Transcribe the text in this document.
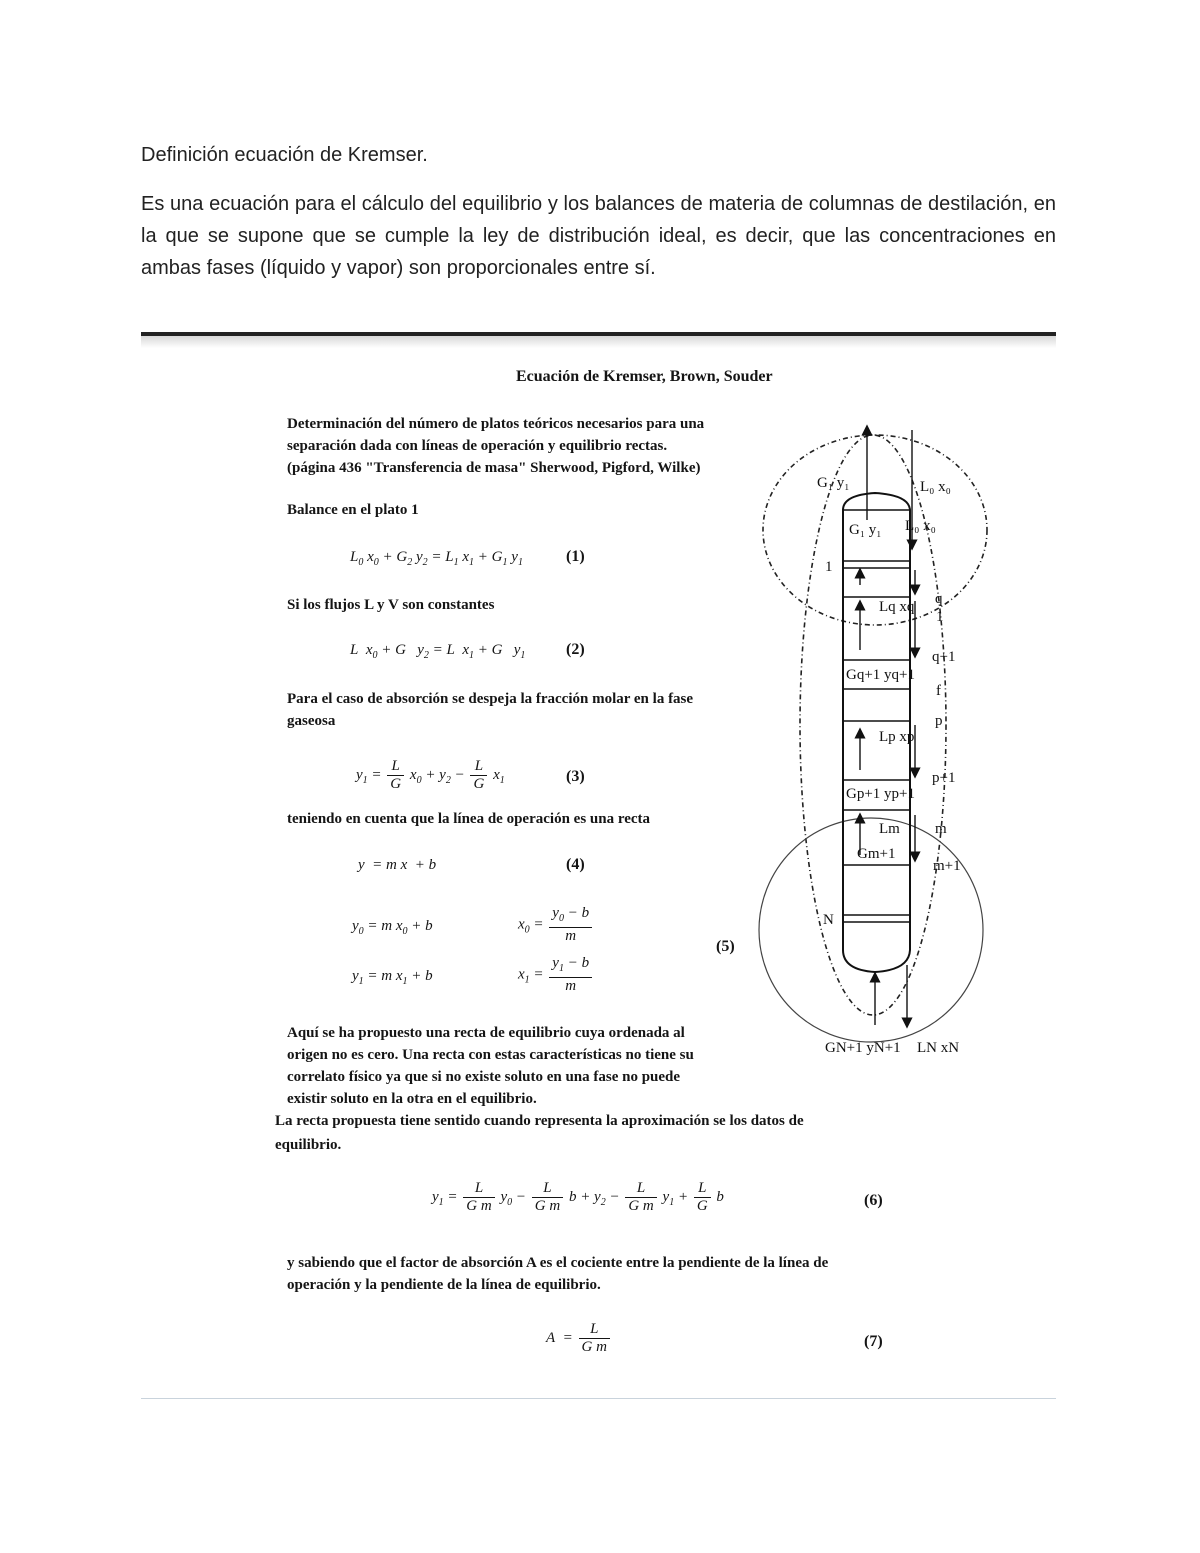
Definición ecuación de Kremser.

Es una ecuación para el cálculo del equilibrio y los balances de materia de columnas de destilación, en la que se supone que se cumple la ley de distribución ideal, es decir, que las concentraciones en ambas fases (líquido y vapor) son proporcionales entre sí.

Ecuación de Kremser, Brown, Souder
Determinación del número de platos teóricos necesarios para una
separación dada con líneas de operación y equilibrio rectas.
(página 436 "Transferencia de masa" Sherwood, Pigford, Wilke)
Balance en el plato 1
$L_0$ $x_0 + G_2$ $y_2 = L_1$ $x_1 + G_1$ $y_1$	(1)
Si los flujos L y V son constantes
L  $x_0 + G$   $y_2 = L$  $x_1 + G$   $y_1$	(2)
Para el caso de absorción se despeja la fracción molar en la fase
gaseosa
$y_1 = \frac{L}{G} x_0 + y_2 - \frac{L}{G} x_1$	(3)
teniendo en cuenta que la línea de operación es una recta
y  = m x  + b	(4)
$y_0 = m$ $x_0 + b$	$x_0 = \frac{y_0 - b}{m}$
$y_1 = m$ $x_1 + b$	$x_1 = \frac{y_1 - b}{m}$
(5)
Aquí se ha propuesto una recta de equilibrio cuya ordenada al
origen no es cero. Una recta con estas características no tiene su
correlato físico ya que si no existe soluto en una fase no puede
existir soluto en la otra en el equilibrio.
La recta propuesta tiene sentido cuando representa la aproximación se los datos de
equilibrio.
$y_1 = \frac{L}{\text{G m}} y_0 - \frac{L}{\text{G m}}$ $b + y_2 - \frac{L}{\text{G m}} y_1 + \frac{L}{G}$ b	(6)
y sabiendo que el factor de absorción A es el cociente entre la pendiente de la línea de
operación y la pendiente de la línea de equilibrio.
$A = \frac{L}{\text{G m}}$	(7)
G₁ y₁	L₀ x₀
G₁ y₁ L₀ x₀
1
Lq xq q
1
Gq+1 yq+1
q+1
f
p
Lp xp
p+1
Gp+1 yp+1
Lm m
Gm+1
m+1
N
GN+1 yN+1 LN xN
